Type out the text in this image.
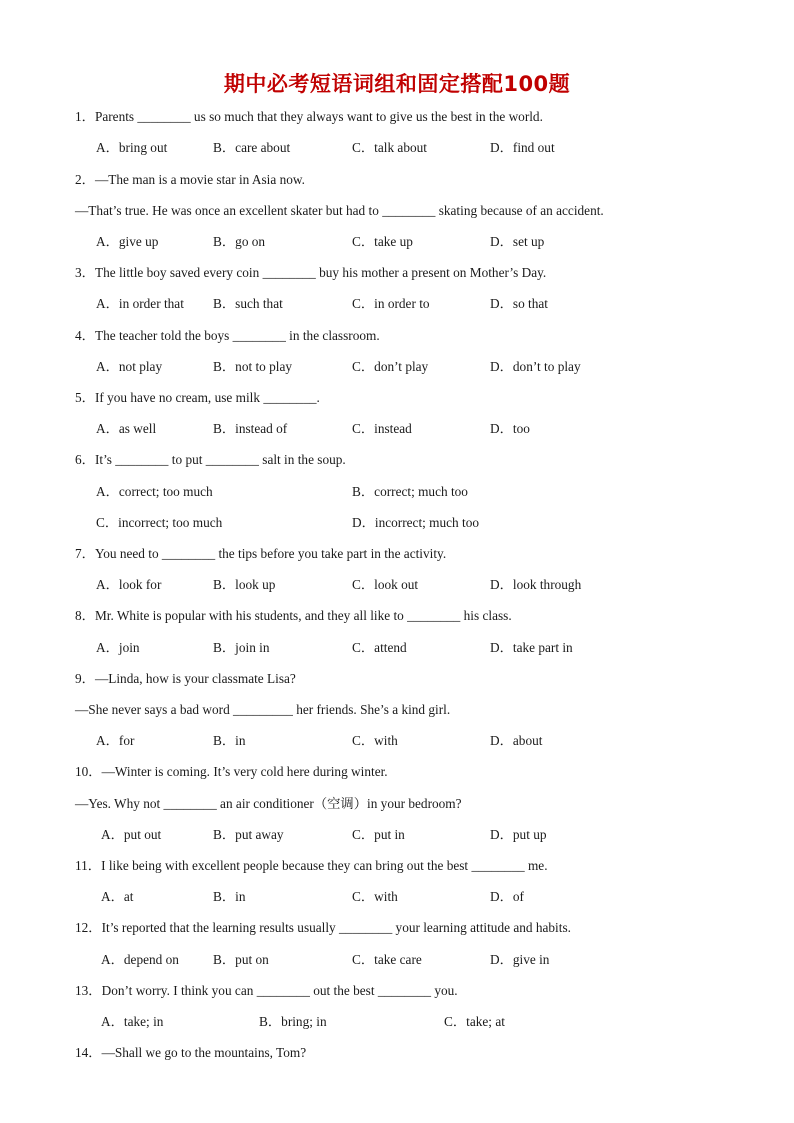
期中必考短语词组和固定搭配100题
1．Parents ________ us so much that they always want to give us the best in the world.
A．bring out	B．care about	C．talk about	D．find out
2．—The man is a movie star in Asia now.
—That’s true. He was once an excellent skater but had to ________ skating because of an accident.
A．give up	B．go on	C．take up	D．set up
3．The little boy saved every coin ________ buy his mother a present on Mother’s Day.
A．in order that B．such that	C．in order to	D．so that
4．The teacher told the boys ________ in the classroom.
A．not play	B．not to play	C．don’t play	D．don’t to play
5．If you have no cream, use milk ________.
A．as well	B．instead of	C．instead	D．too
6．It’s ________ to put ________ salt in the soup.
A．correct; too much	B．correct; much too
C．incorrect; too much	D．incorrect; much too
7．You need to ________ the tips before you take part in the activity.
A．look for	B．look up	C．look out	D．look through
8．Mr. White is popular with his students, and they all like to ________ his class.
A．join	B．join in	C．attend	D．take part in
9．—Linda, how is your classmate Lisa?
—She never says a bad word _________ her friends. She’s a kind girl.
A．for	B．in	C．with	D．about
10．—Winter is coming. It’s very cold here during winter.
—Yes. Why not ________ an air conditioner（空调）in your bedroom?
A．put out	B．put away	C．put in	D．put up
11．I like being with excellent people because they can bring out the best ________ me.
A．at	B．in	C．with	D．of
12．It’s reported that the learning results usually ________ your learning attitude and habits.
A．depend on	B．put on	C．take care	D．give in
13．Don’t worry. I think you can ________ out the best ________ you.
A．take; in	B．bring; in	C．take; at
14．—Shall we go to the mountains, Tom?
